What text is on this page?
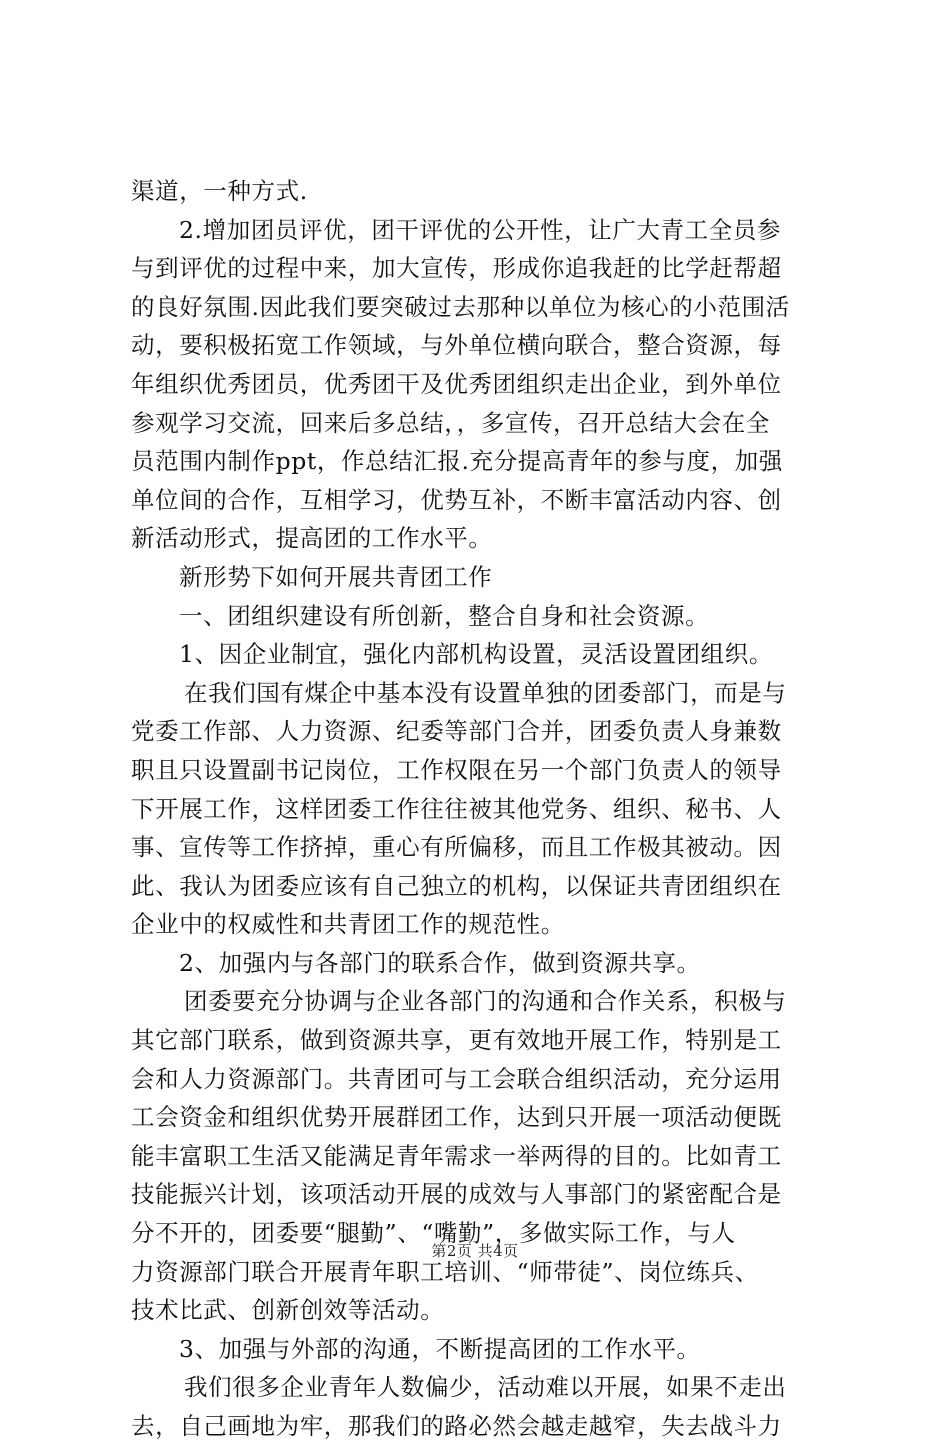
渠道，一种方式.
2.增加团员评优，团干评优的公开性，让广大青工全员参
与到评优的过程中来，加大宣传，形成你追我赶的比学赶帮超
的良好氛围.因此我们要突破过去那种以单位为核心的小范围活
动，要积极拓宽工作领域，与外单位横向联合，整合资源，每
年组织优秀团员，优秀团干及优秀团组织走出企业，到外单位
参观学习交流，回来后多总结，，多宣传，召开总结大会在全
员范围内制作ppt，作总结汇报.充分提高青年的参与度，加强
单位间的合作，互相学习，优势互补，不断丰富活动内容、创
新活动形式，提高团的工作水平。
新形势下如何开展共青团工作
一、团组织建设有所创新，整合自身和社会资源。
1、因企业制宜，强化内部机构设置，灵活设置团组织。
在我们国有煤企中基本没有设置单独的团委部门，而是与
党委工作部、人力资源、纪委等部门合并，团委负责人身兼数
职且只设置副书记岗位，工作权限在另一个部门负责人的领导
下开展工作，这样团委工作往往被其他党务、组织、秘书、人
事、宣传等工作挤掉，重心有所偏移，而且工作极其被动。因
此、我认为团委应该有自己独立的机构，以保证共青团组织在
企业中的权威性和共青团工作的规范性。
2、加强内与各部门的联系合作，做到资源共享。
团委要充分协调与企业各部门的沟通和合作关系，积极与
其它部门联系，做到资源共享，更有效地开展工作，特别是工
会和人力资源部门。共青团可与工会联合组织活动，充分运用
工会资金和组织优势开展群团工作，达到只开展一项活动便既
能丰富职工生活又能满足青年需求一举两得的目的。比如青工
技能振兴计划，该项活动开展的成效与人事部门的紧密配合是
分不开的，团委要“腿勤”、“嘴勤”，多做实际工作，与人
力资源部门联合开展青年职工培训、“师带徒”、岗位练兵、
技术比武、创新创效等活动。
3、加强与外部的沟通，不断提高团的工作水平。
我们很多企业青年人数偏少，活动难以开展，如果不走出
去，自己画地为牢，那我们的路必然会越走越窄，失去战斗力
第2页 共4页
